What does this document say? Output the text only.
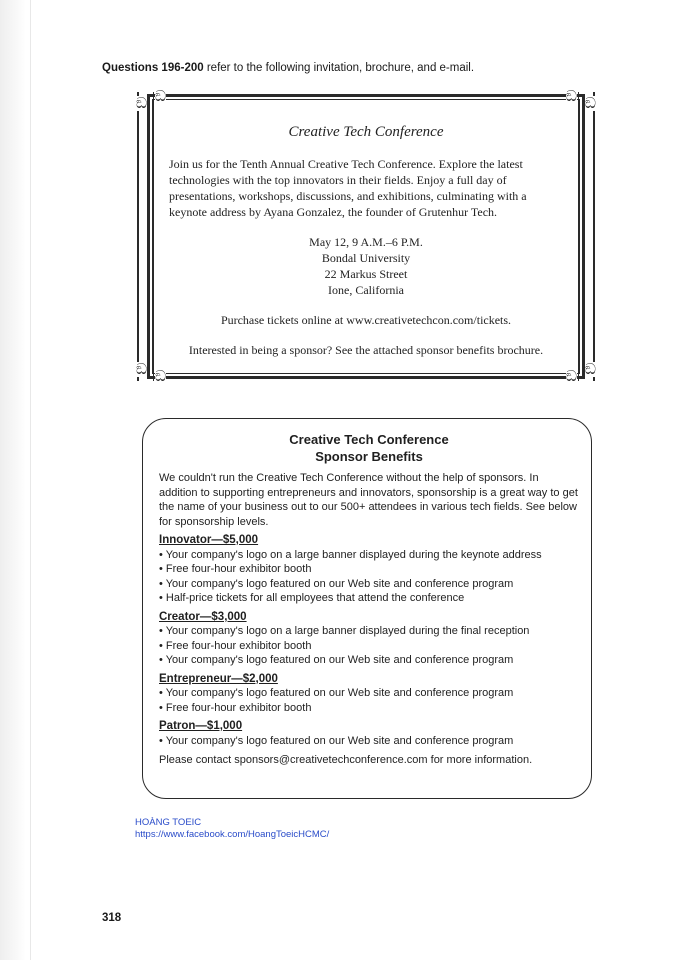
Questions 196-200 refer to the following invitation, brochure, and e-mail.
ඞ ඞ	ඞ ඞ
ඞ ඞ	ඞ ඞ
Creative Tech Conference
Join us for the Tenth Annual Creative Tech Conference. Explore the latest technologies with the top innovators in their fields. Enjoy a full day of presentations, workshops, discussions, and exhibitions, culminating with a keynote address by Ayana Gonzalez, the founder of Grutenhur Tech.
May 12, 9 A.M.–6 P.M.
Bondal University
22 Markus Street
Ione, California
Purchase tickets online at www.creativetechcon.com/tickets.
Interested in being a sponsor? See the attached sponsor benefits brochure.
Creative Tech Conference
Sponsor Benefits
We couldn't run the Creative Tech Conference without the help of sponsors. In addition to supporting entrepreneurs and innovators, sponsorship is a great way to get the name of your business out to our 500+ attendees in various tech fields. See below for sponsorship levels.
Innovator—$5,000
• Your company's logo on a large banner displayed during the keynote address
• Free four-hour exhibitor booth
• Your company's logo featured on our Web site and conference program
• Half-price tickets for all employees that attend the conference
Creator—$3,000
• Your company's logo on a large banner displayed during the final reception
• Free four-hour exhibitor booth
• Your company's logo featured on our Web site and conference program
Entrepreneur—$2,000
• Your company's logo featured on our Web site and conference program
• Free four-hour exhibitor booth
Patron—$1,000
• Your company's logo featured on our Web site and conference program
Please contact sponsors@creativetechconference.com for more information.
HOÀNG TOEIC
https://www.facebook.com/HoangToeicHCMC/
318
